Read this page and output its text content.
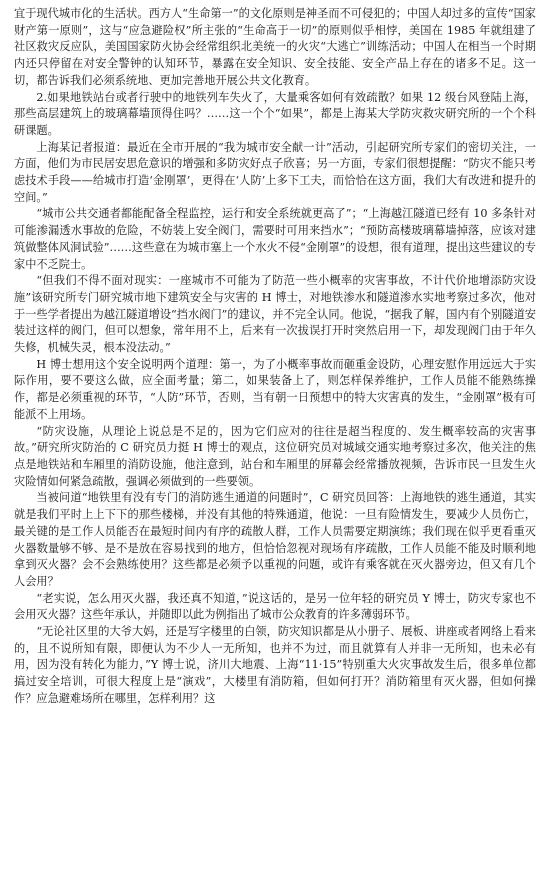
宜于现代城市化的生活状。西方人“生命第一”的文化原则是神圣而不可侵犯的；中国人却过多的宣传“国家财产第一原则”，这与“应急避险权”所主张的“生命高于一切”的原则似乎相悖，美国在 1985 年就组建了社区救灾反应队，美国国家防火协会经常组织北美统一的火灾“大逃亡”训练活动；中国人在相当一个时期内还只停留在对安全警钟的认知环节，暴露在安全知识、安全技能、安全产品上存在的诸多不足。这一切，都告诉我们必须系统地、更加完善地开展公共文化教育。

2.如果地铁站台或者行驶中的地铁列车失火了，大量乘客如何有效疏散？如果 12 级台风登陆上海，那些高层建筑上的玻璃幕墙顶得住吗？……这一个个“如果”，都是上海某大学防灾救灾研究所的一个个科研课题。

上海某记者报道：最近在全市开展的“我为城市安全献一计”活动，引起研究所专家们的密切关注，一方面，他们为市民居安思危意识的增强和多防灾好点子欣喜；另一方面，专家们很想提醒：“防灾不能只考虑技术手段——给城市打造‘金刚罩’，更得在‘人防’上多下工夫，而恰恰在这方面，我们大有改进和提升的空间。”

“城市公共交通者都能配备全程监控，运行和安全系统就更高了”；“上海越江隧道已经有 10 多条针对可能渗漏透水事故的危险，不妨装上安全阀门，需要时可用来挡水”；“预防高楼玻璃幕墙掉落，应该对建筑做整体风洞试验”……这些意在为城市塞上一个水火不侵“金刚罩”的设想，很有道理，提出这些建议的专家中不乏院士。

“但我们不得不面对现实：一座城市不可能为了防范一些小概率的灾害事故，不计代价地增添防灾设施”该研究所专门研究城市地下建筑安全与灾害的 H 博士，对地铁渗水和隧道渗水实地考察过多次，他对于一些学者提出为越江隧道增设“挡水阀门”的建议，并不完全认同。他说，“据我了解，国内有个别隧道安装过这样的阀门，但可以想象，常年用不上，后来有一次拔误打开时突然启用一下，却发现阀门由于年久失修，机械失灵，根本没法动。”

H 博士想用这个安全说明两个道理：第一，为了小概率事故而砸重金设防，心理安慰作用远远大于实际作用，要不要这么做，应全面考量；第二，如果装备上了，则怎样保养维护，工作人员能不能熟练操作，都是必须重视的环节，“人防”环节，否则，当有朝一日预想中的特大灾害真的发生，“金刚罩”极有可能派不上用场。

“防灾设施，从理论上说总是不足的，因为它们应对的往往是超当程度的、发生概率较高的灾害事故。”研究所灾防治的 C 研究员力挺 H 博士的观点，这位研究员对城域交通实地考察过多次，他关注的焦点是地铁站和车厢里的消防设施，他注意到，站台和车厢里的屏幕会经常播放视频，告诉市民一旦发生火灾险情如何紧急疏散，强调必须做到的一些要领。

当被问道“地铁里有没有专门的消防逃生通道的问题时”，C 研究员回答：上海地铁的逃生通道，其实就是我们平时上上下下的那些楼梯，并没有其他的特殊通道，他说：一旦有险情发生，要减少人员伤亡，最关键的是工作人员能否在最短时间内有序的疏散人群，工作人员需要定期演练；我们现在似乎更看重灭火器数量够不够、是不是放在容易找到的地方，但恰恰忽视对现场有序疏散，工作人员能不能及时顺利地拿到灭火器？会不会熟练使用？这些都是必须予以重视的问题，或许有乘客就在灭火器旁边，但又有几个人会用？

“老实说，怎么用灭火器，我还真不知道，”说这话的，是另一位年轻的研究员 Y 博士，防灾专家也不会用灭火器？这些年承认，并随即以此为例指出了城市公众教育的许多薄弱环节。

“无论社区里的大爷大妈，还是写字楼里的白领，防灾知识都是从小册子、展板、讲座或者网络上看来的，且不说所知有限，即便认为不少人一无所知，也并不为过，而且就算有人并非一无所知，也未必有用，因为没有转化为能力，”Y 博士说，济川大地震、上海“11·15”特别重大火灾事故发生后，很多单位都搞过安全培训，可很大程度上是“演戏”，大楼里有消防箱，但如何打开？消防箱里有灭火器，但如何操作？应急避难场所在哪里，怎样利用？这
